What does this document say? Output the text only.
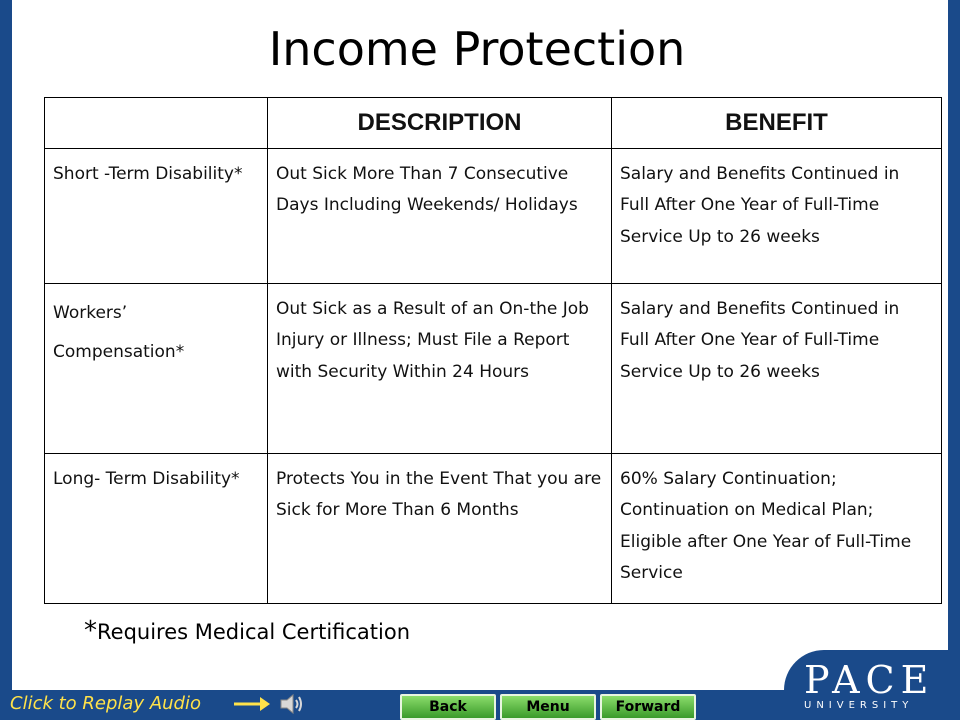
Income Protection
	DESCRIPTION	BENEFIT
Short -Term Disability*	Out Sick More Than 7 Consecutive Days Including Weekends/ Holidays	Salary and Benefits Continued in Full After One Year of Full-Time Service Up to 26 weeks

Workers’
Compensation*	Out Sick as a Result of an On-the Job Injury or Illness; Must File a Report with Security Within 24 Hours	Salary and Benefits Continued in Full After One Year of Full-Time Service Up to 26 weeks
Long- Term Disability*	Protects You in the Event That you are Sick for More Than 6 Months	60% Salary Continuation; Continuation on Medical Plan; Eligible after One Year of Full-Time Service
*Requires Medical Certification
Click to Replay Audio	Back	Menu	Forward
PACE
UNIVERSITY
